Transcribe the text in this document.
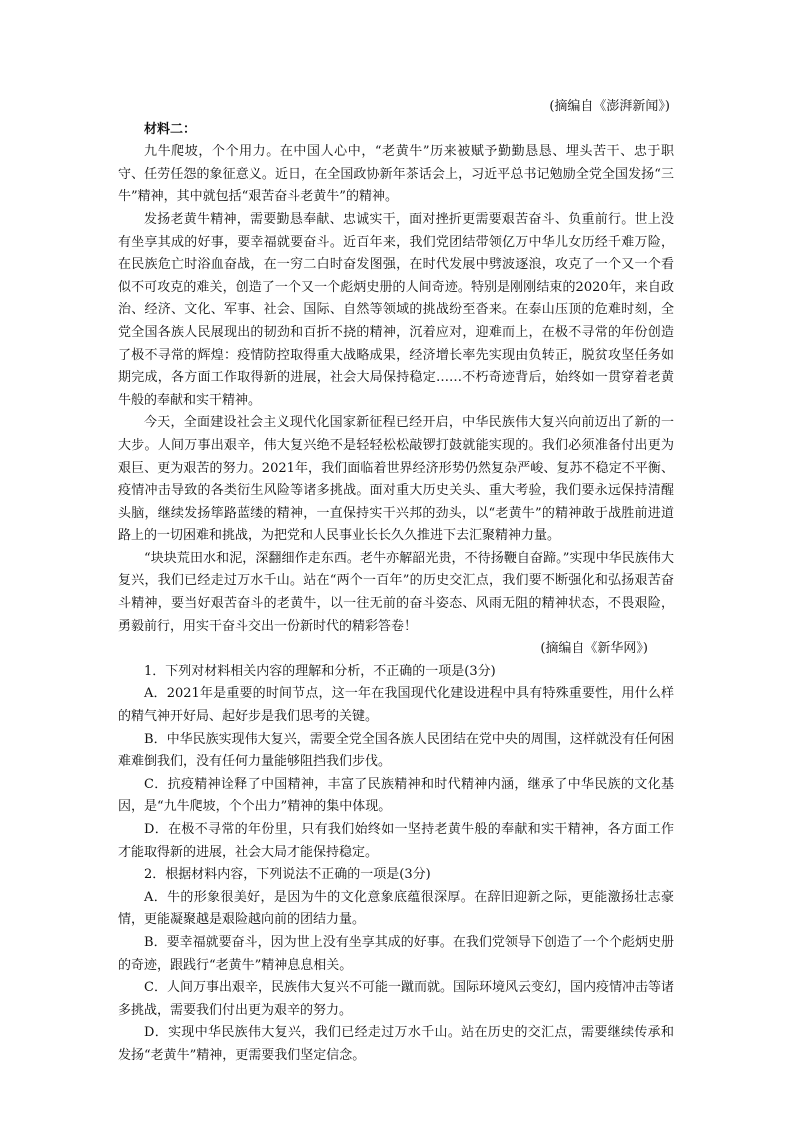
(摘编自《澎湃新闻》)

材料二：

九牛爬坡，个个用力。在中国人心中，“老黄牛”历来被赋予勤勤恳恳、埋头苦干、忠于职守、任劳任怨的象征意义。近日，在全国政协新年茶话会上，习近平总书记勉励全党全国发扬“三牛”精神，其中就包括“艰苦奋斗老黄牛”的精神。

发扬老黄牛精神，需要勤恳奉献、忠诚实干，面对挫折更需要艰苦奋斗、负重前行。世上没有坐享其成的好事，要幸福就要奋斗。近百年来，我们党团结带领亿万中华儿女历经千难万险，在民族危亡时浴血奋战，在一穷二白时奋发图强，在时代发展中劈波逐浪，攻克了一个又一个看似不可攻克的难关，创造了一个又一个彪炳史册的人间奇迹。特别是刚刚结束的2020年，来自政治、经济、文化、军事、社会、国际、自然等领域的挑战纷至沓来。在泰山压顶的危难时刻，全党全国各族人民展现出的韧劲和百折不挠的精神，沉着应对，迎难而上，在极不寻常的年份创造了极不寻常的辉煌：疫情防控取得重大战略成果，经济增长率先实现由负转正，脱贫攻坚任务如期完成，各方面工作取得新的进展，社会大局保持稳定……不朽奇迹背后，始终如一贯穿着老黄牛般的奉献和实干精神。

今天，全面建设社会主义现代化国家新征程已经开启，中华民族伟大复兴向前迈出了新的一大步。人间万事出艰辛，伟大复兴绝不是轻轻松松敲锣打鼓就能实现的。我们必须准备付出更为艰巨、更为艰苦的努力。2021年，我们面临着世界经济形势仍然复杂严峻、复苏不稳定不平衡、疫情冲击导致的各类衍生风险等诸多挑战。面对重大历史关头、重大考验，我们要永远保持清醒头脑，继续发扬筚路蓝缕的精神，一直保持实干兴邦的劲头，以“老黄牛”的精神敢于战胜前进道路上的一切困难和挑战，为把党和人民事业长长久久推进下去汇聚精神力量。

“块块荒田水和泥，深翻细作走东西。老牛亦解韶光贵，不待扬鞭自奋蹄。”实现中华民族伟大复兴，我们已经走过万水千山。站在“两个一百年”的历史交汇点，我们要不断强化和弘扬艰苦奋斗精神，要当好艰苦奋斗的老黄牛，以一往无前的奋斗姿态、风雨无阻的精神状态，不畏艰险，勇毅前行，用实干奋斗交出一份新时代的精彩答卷！

(摘编自《新华网》)

1．下列对材料相关内容的理解和分析，不正确的一项是(3分)

A．2021年是重要的时间节点，这一年在我国现代化建设进程中具有特殊重要性，用什么样的精气神开好局、起好步是我们思考的关键。

B．中华民族实现伟大复兴，需要全党全国各族人民团结在党中央的周围，这样就没有任何困难难倒我们，没有任何力量能够阻挡我们步伐。

C．抗疫精神诠释了中国精神，丰富了民族精神和时代精神内涵，继承了中华民族的文化基因，是“九牛爬坡，个个出力”精神的集中体现。

D．在极不寻常的年份里，只有我们始终如一坚持老黄牛般的奉献和实干精神，各方面工作才能取得新的进展，社会大局才能保持稳定。

2．根据材料内容，下列说法不正确的一项是(3分)

A．牛的形象很美好，是因为牛的文化意象底蕴很深厚。在辞旧迎新之际，更能激扬壮志豪情，更能凝聚越是艰险越向前的团结力量。

B．要幸福就要奋斗，因为世上没有坐享其成的好事。在我们党领导下创造了一个个彪炳史册的奇迹，跟践行“老黄牛”精神息息相关。

C．人间万事出艰辛，民族伟大复兴不可能一蹴而就。国际环境风云变幻，国内疫情冲击等诸多挑战，需要我们付出更为艰辛的努力。

D．实现中华民族伟大复兴，我们已经走过万水千山。站在历史的交汇点，需要继续传承和发扬“老黄牛”精神，更需要我们坚定信念。
